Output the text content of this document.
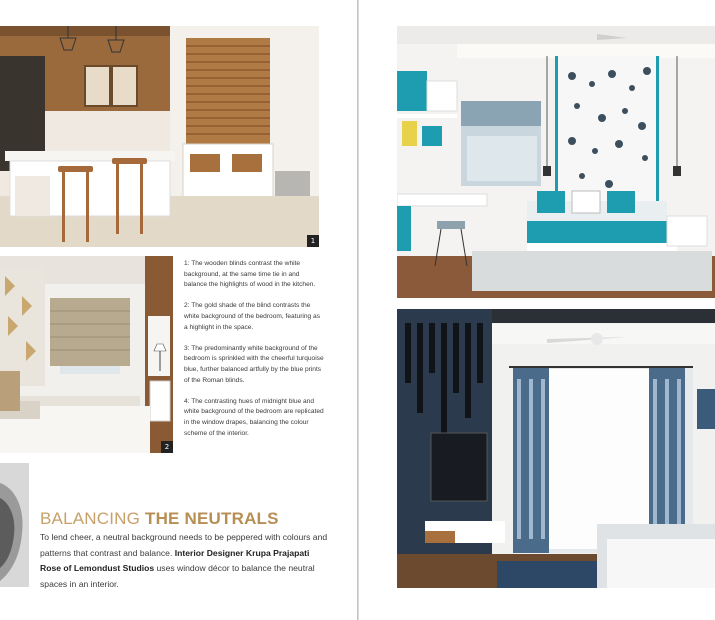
1
2

1: The wooden blinds contrast the white background, at the same time tie in and balance the highlights of wood in the kitchen.

2: The gold shade of the blind contrasts the white background of the bedroom, featuring as a highlight in the space.

3: The predominantly white background of the bedroom is sprinkled with the cheerful turquoise blue, further balanced artfully by the blue prints of the Roman blinds.

4: The contrasting hues of midnight blue and white background of the bedroom are replicated in the window drapes, balancing the colour scheme of the interior.

BALANCING THE NEUTRALS
To lend cheer, a neutral background needs to be peppered with colours and patterns that contrast and balance. Interior Designer Krupa Prajapati Rose of Lemondust Studios uses window décor to balance the neutral spaces in an interior.
